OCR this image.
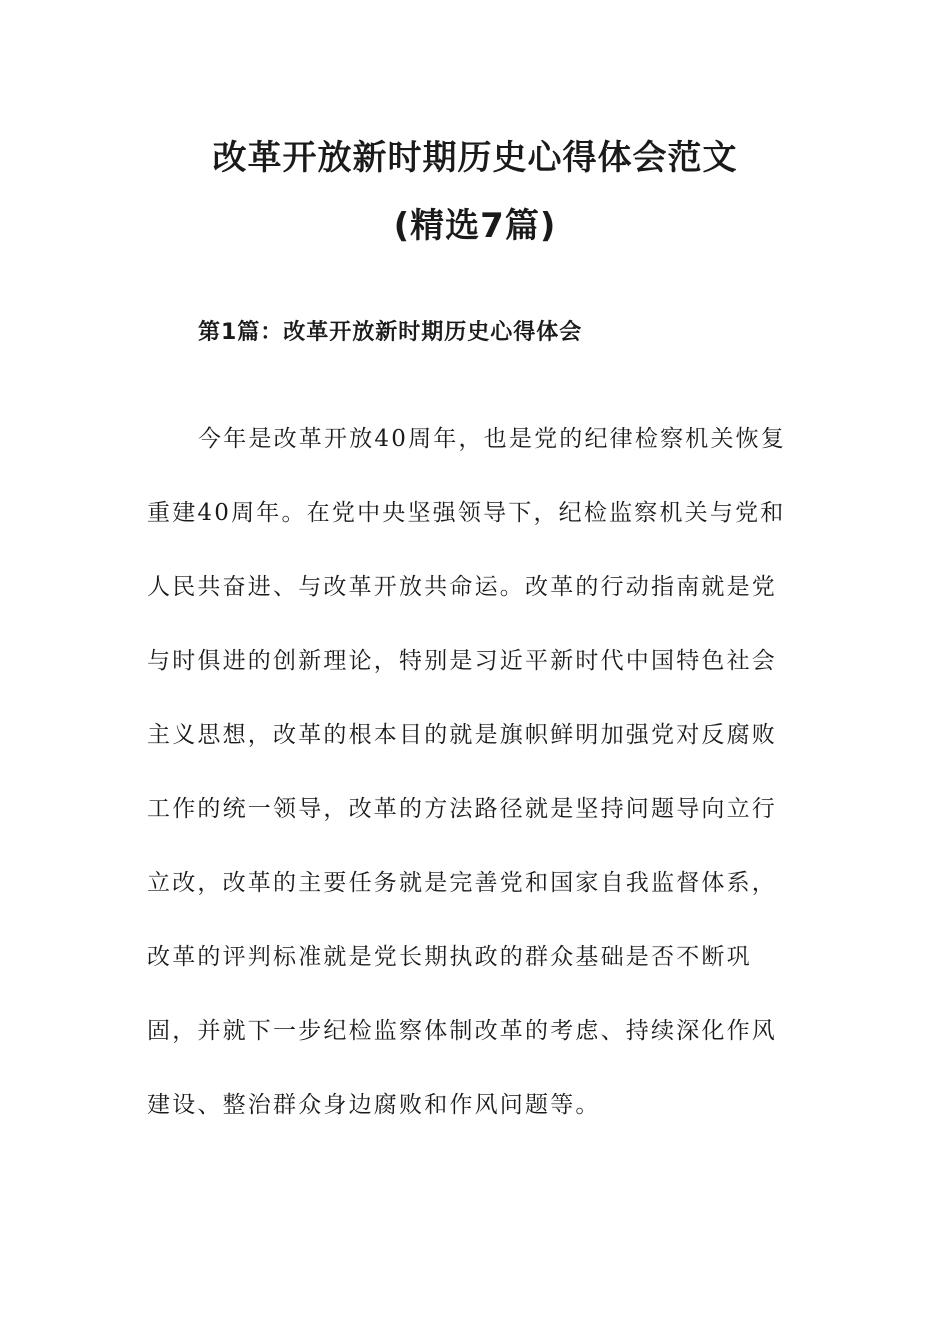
改革开放新时期历史心得体会范文
(精选7篇)
第1篇：改革开放新时期历史心得体会

今年是改革开放40周年，也是党的纪律检察机关恢复

重建40周年。在党中央坚强领导下，纪检监察机关与党和

人民共奋进、与改革开放共命运。改革的行动指南就是党

与时俱进的创新理论，特别是习近平新时代中国特色社会

主义思想，改革的根本目的就是旗帜鲜明加强党对反腐败

工作的统一领导，改革的方法路径就是坚持问题导向立行

立改，改革的主要任务就是完善党和国家自我监督体系，

改革的评判标准就是党长期执政的群众基础是否不断巩

固，并就下一步纪检监察体制改革的考虑、持续深化作风

建设、整治群众身边腐败和作风问题等。
